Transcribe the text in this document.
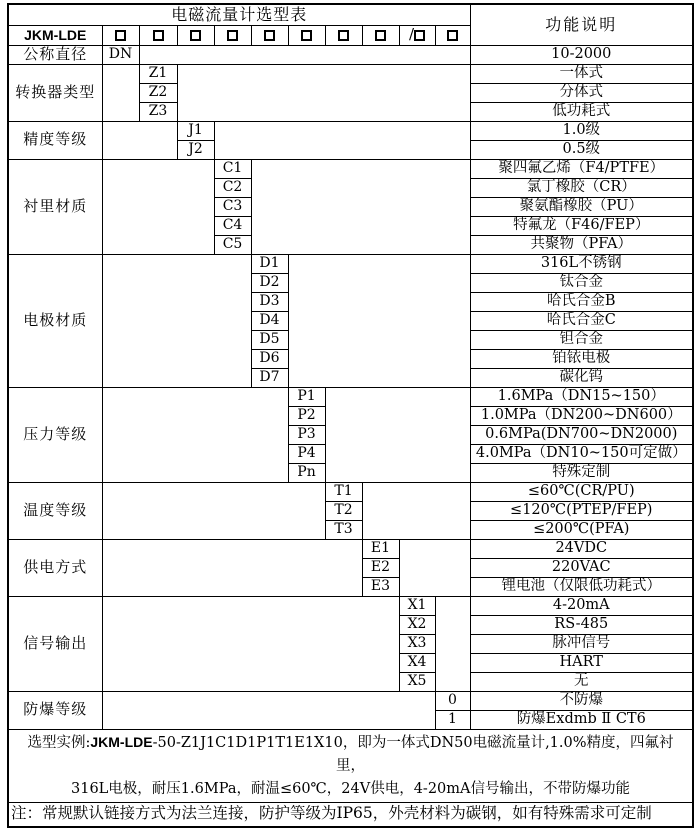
电磁流量计选型表											功能说明
JKM-LDE									/		
公称直径	DN										10-2000
转换器类型		Z1									一体式
		Z2									分体式
		Z3									低功耗式
精度等级			J1								1.0级
			J2								0.5级
衬里材质				C1							聚四氟乙烯（F4/PTFE）
				C2							氯丁橡胶（CR）
				C3							聚氨酯橡胶（PU）
				C4							特氟龙（F46/FEP）
				C5							共聚物（PFA）
电极材质					D1						316L不锈钢
					D2						钛合金
					D3						哈氏合金B
					D4						哈氏合金C
					D5						钽合金
					D6						铂铱电极
					D7						碳化钨
压力等级						P1					1.6MPa（DN15~150）
						P2					1.0MPa（DN200~DN600）
						P3					0.6MPa(DN700~DN2000)
						P4					4.0MPa（DN10~150可定做）
						Pn					特殊定制
温度等级							T1				≤60℃(CR/PU)
							T2				≤120℃(PTEP/FEP)
							T3				≤200℃(PFA)
供电方式								E1			24VDC
								E2			220VAC
								E3			锂电池（仅限低功耗式）
信号输出									X1		4-20mA
									X2		RS-485
									X3		脉冲信号
									X4		HART
									X5		无
防爆等级										0	不防爆
										1	防爆Exdmb Ⅱ CT6
选型实例:JKM-LDE-50-Z1J1C1D1P1T1E1X10，即为一体式DN50电磁流量计,1.0%精度，四氟衬里，
316L电极，耐压1.6MPa，耐温≤60℃，24V供电，4-20mA信号输出，不带防爆功能											
注：常规默认链接方式为法兰连接，防护等级为IP65，外壳材料为碳钢，如有特殊需求可定制											
